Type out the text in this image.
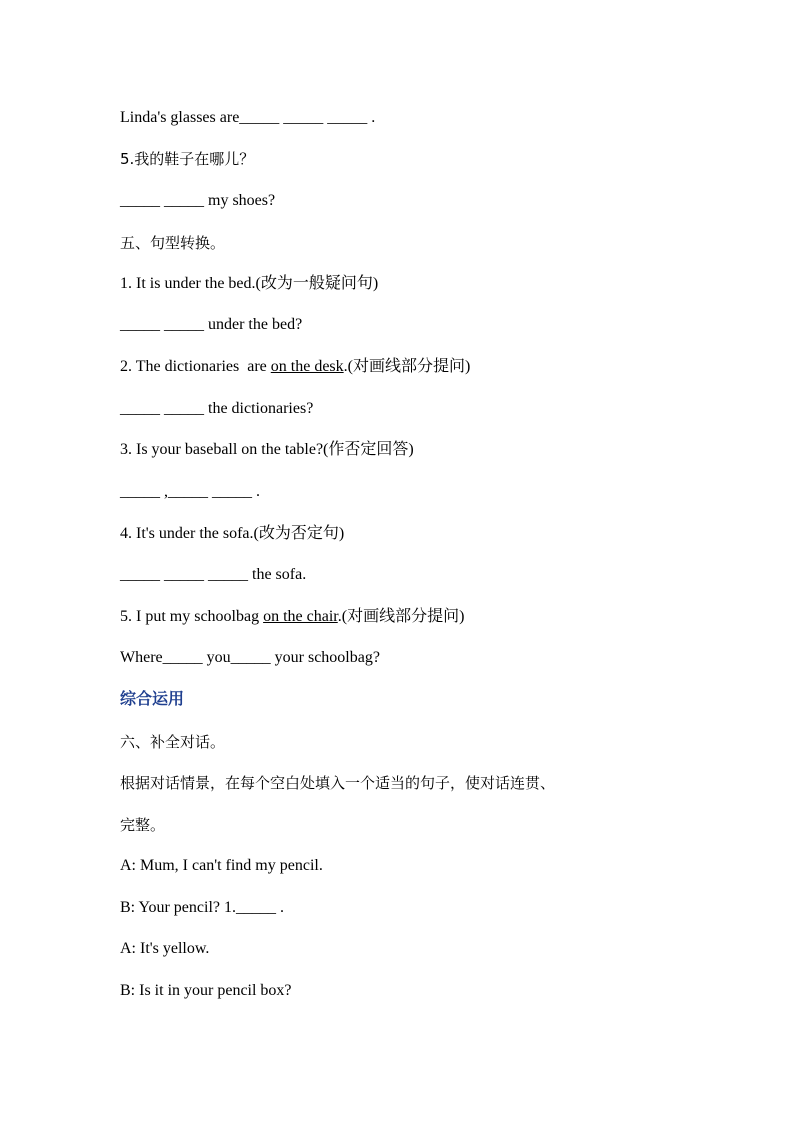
Linda's glasses are_____ _____ _____ .
5.我的鞋子在哪儿？
_____ _____ my shoes?
五、句型转换。
1. It is under the bed.(改为一般疑问句)
_____ _____ under the bed?
2. The dictionaries  are on the desk.(对画线部分提问)
_____ _____ the dictionaries?
3. Is your baseball on the table?(作否定回答)
_____ ,_____ _____ .
4. It's under the sofa.(改为否定句)
_____ _____ _____ the sofa.
5. I put my schoolbag on the chair.(对画线部分提问)
Where_____ you_____ your schoolbag?
综合运用
六、补全对话。
根据对话情景，在每个空白处填入一个适当的句子，使对话连贯、
完整。
A: Mum, I can't find my pencil.
B: Your pencil? 1._____ .
A: It's yellow.
B: Is it in your pencil box?
